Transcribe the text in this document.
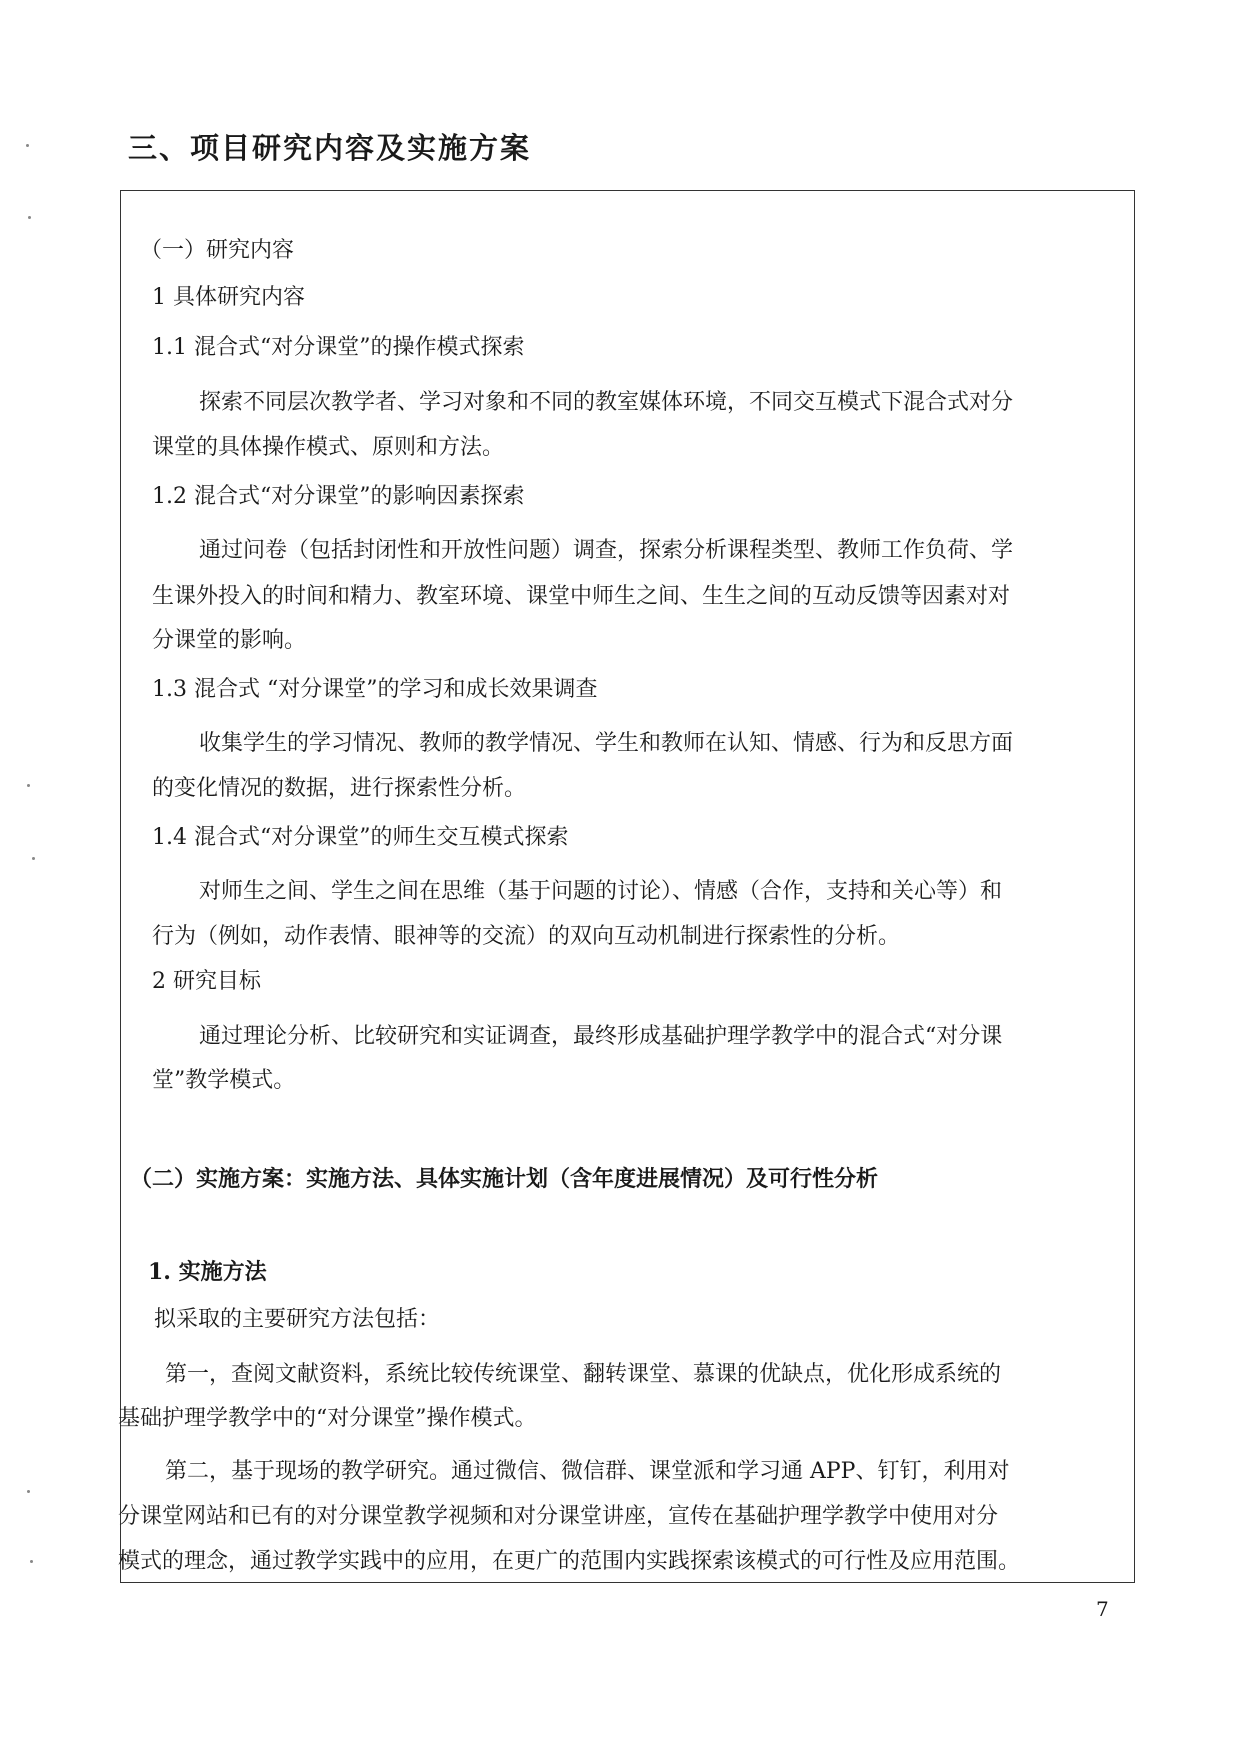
三、项目研究内容及实施方案
（一）研究内容
1 具体研究内容
1.1 混合式“对分课堂”的操作模式探索
探索不同层次教学者、学习对象和不同的教室媒体环境，不同交互模式下混合式对分
课堂的具体操作模式、原则和方法。
1.2 混合式“对分课堂”的影响因素探索
通过问卷（包括封闭性和开放性问题）调查，探索分析课程类型、教师工作负荷、学
生课外投入的时间和精力、教室环境、课堂中师生之间、生生之间的互动反馈等因素对对
分课堂的影响。
1.3 混合式 “对分课堂”的学习和成长效果调查
收集学生的学习情况、教师的教学情况、学生和教师在认知、情感、行为和反思方面
的变化情况的数据，进行探索性分析。
1.4 混合式“对分课堂”的师生交互模式探索
对师生之间、学生之间在思维（基于问题的讨论）、情感（合作，支持和关心等）和
行为（例如，动作表情、眼神等的交流）的双向互动机制进行探索性的分析。
2 研究目标
通过理论分析、比较研究和实证调查，最终形成基础护理学教学中的混合式“对分课
堂”教学模式。
（二）实施方案：实施方法、具体实施计划（含年度进展情况）及可行性分析
1. 实施方法
拟采取的主要研究方法包括：
第一，查阅文献资料，系统比较传统课堂、翻转课堂、慕课的优缺点，优化形成系统的
基础护理学教学中的“对分课堂”操作模式。
第二，基于现场的教学研究。通过微信、微信群、课堂派和学习通 APP、钉钉，利用对
分课堂网站和已有的对分课堂教学视频和对分课堂讲座，宣传在基础护理学教学中使用对分
模式的理念，通过教学实践中的应用，在更广的范围内实践探索该模式的可行性及应用范围。
7
